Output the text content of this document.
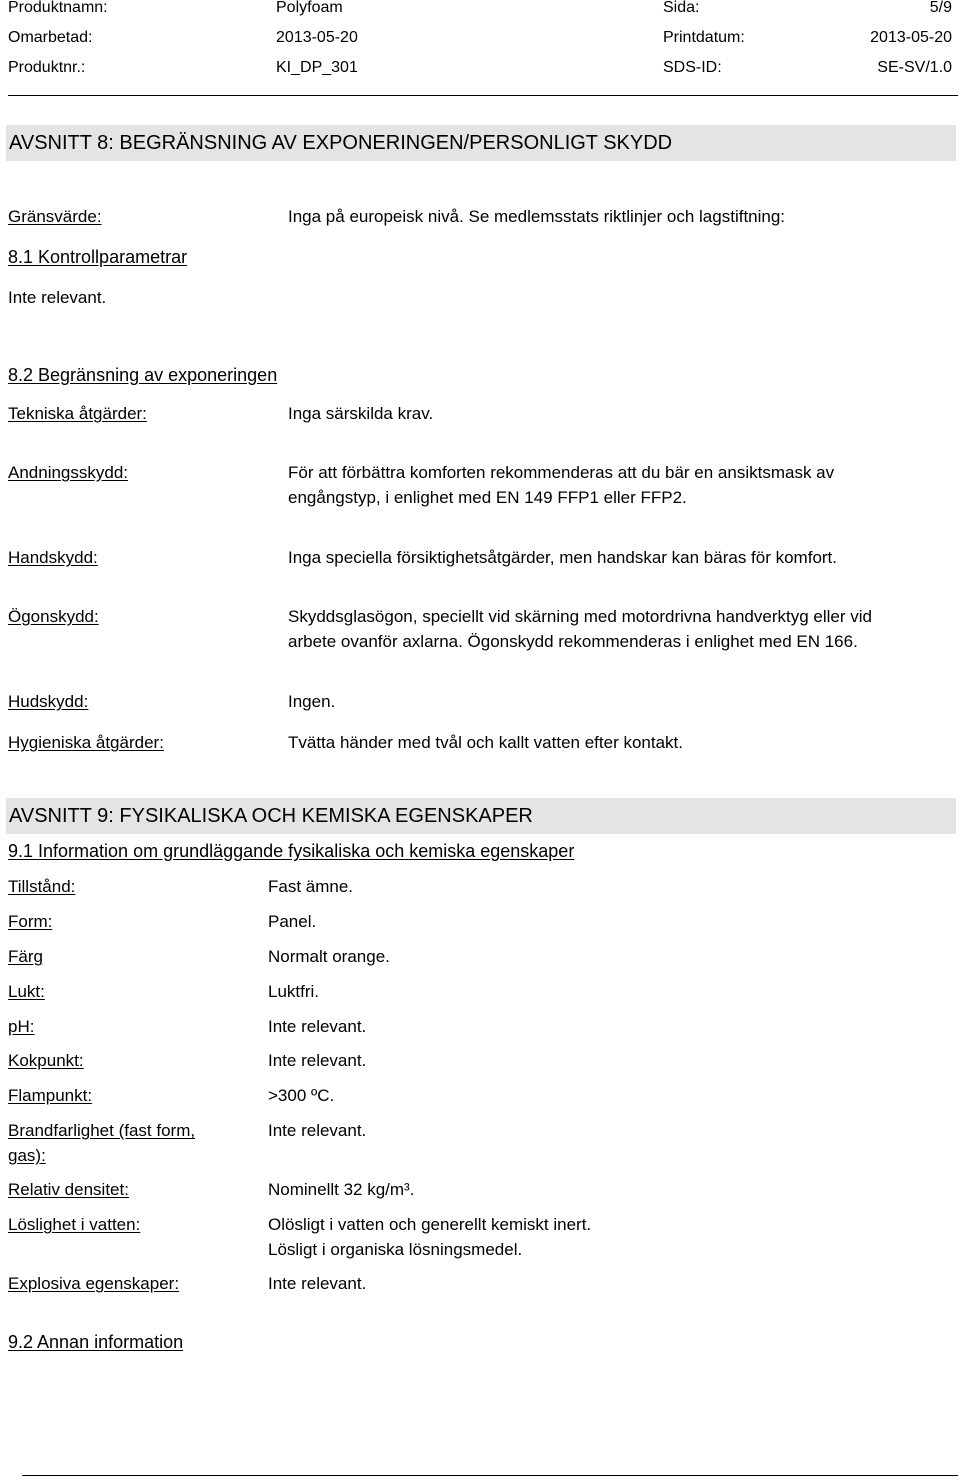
Produktnamn:	Polyfoam	Sida:	5/9
Omarbetad:	2013-05-20	Printdatum:	2013-05-20
Produktnr.:	KI_DP_301	SDS-ID:	SE-SV/1.0
AVSNITT 8: BEGRÄNSNING AV EXPONERINGEN/PERSONLIGT SKYDD
Gränsvärde:	Inga på europeisk nivå. Se medlemsstats riktlinjer och lagstiftning:
8.1 Kontrollparametrar
Inte relevant.
8.2 Begränsning av exponeringen
Tekniska åtgärder:	Inga särskilda krav.
Andningsskydd:	För att förbättra komforten rekommenderas att du bär en ansiktsmask av
engångstyp, i enlighet med EN 149 FFP1 eller FFP2.
Handskydd:	Inga speciella försiktighetsåtgärder, men handskar kan bäras för komfort.
Ögonskydd:	Skyddsglasögon, speciellt vid skärning med motordrivna handverktyg eller vid
arbete ovanför axlarna. Ögonskydd rekommenderas i enlighet med EN 166.
Hudskydd:	Ingen.
Hygieniska åtgärder:	Tvätta händer med tvål och kallt vatten efter kontakt.
AVSNITT 9: FYSIKALISKA OCH KEMISKA EGENSKAPER
9.1 Information om grundläggande fysikaliska och kemiska egenskaper
Tillstånd:	Fast ämne.
Form:	Panel.
Färg	Normalt orange.
Lukt:	Luktfri.
pH:	Inte relevant.
Kokpunkt:	Inte relevant.
Flampunkt:	>300 ºC.
Brandfarlighet (fast form,
gas):
Inte relevant.
Relativ densitet:	Nominellt 32 kg/m³.
Löslighet i vatten:	Olösligt i vatten och generellt kemiskt inert.
Lösligt i organiska lösningsmedel.
Explosiva egenskaper:	Inte relevant.
9.2 Annan information
